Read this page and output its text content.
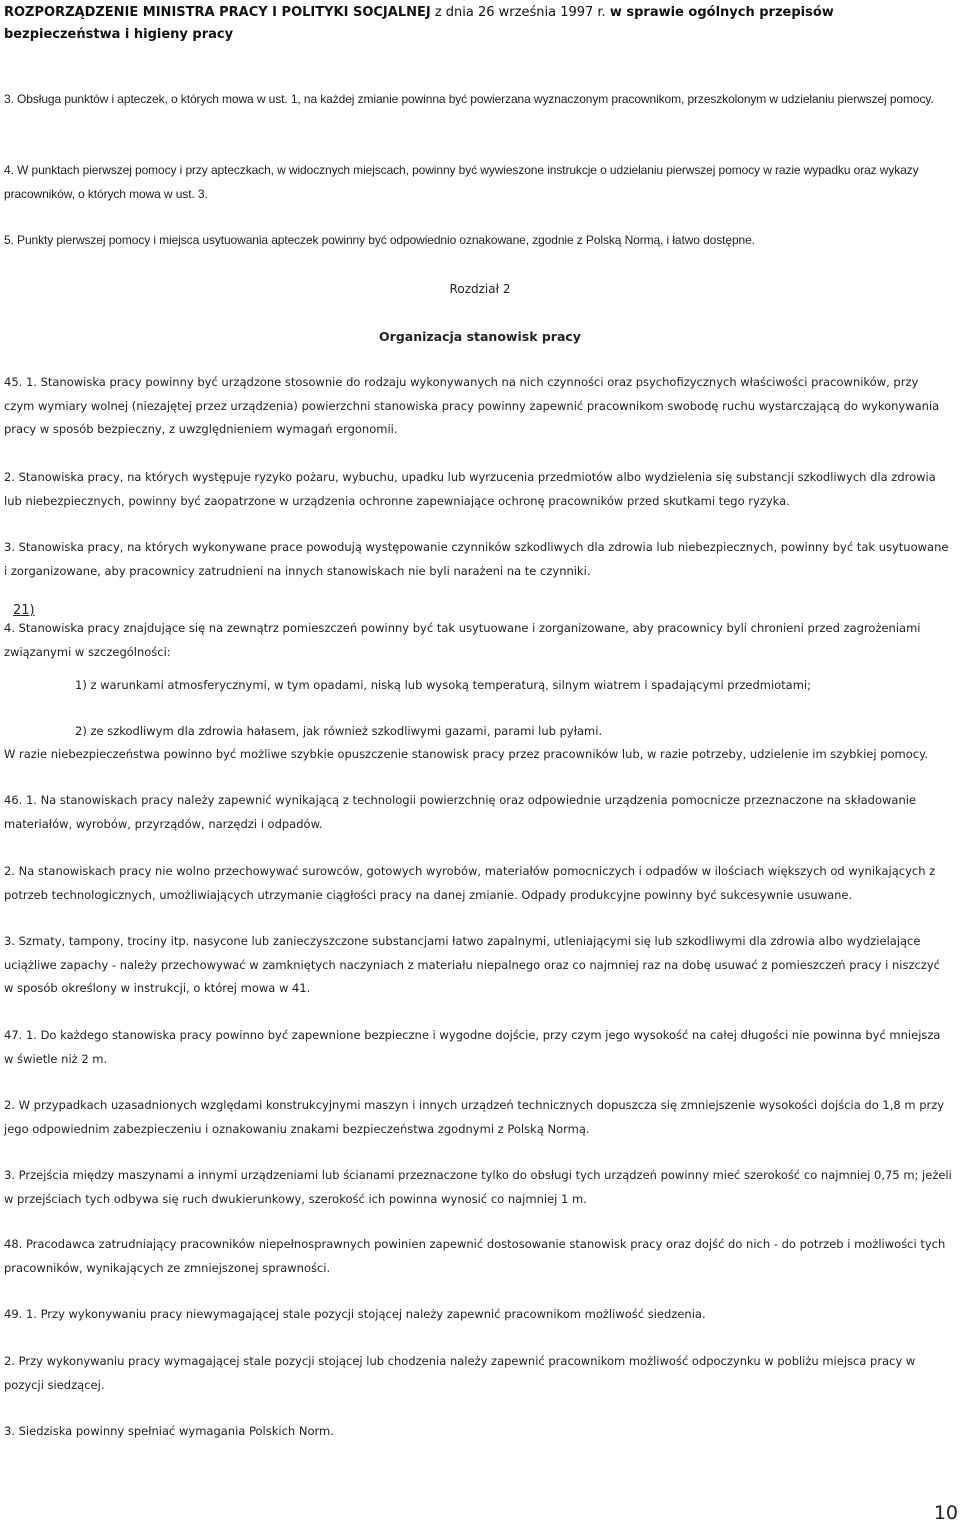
ROZPORZĄDZENIE MINISTRA PRACY I POLITYKI SOCJALNEJ z dnia 26 września 1997 r. w sprawie ogólnych przepisów bezpieczeństwa i higieny pracy

3. Obsługa punktów i apteczek, o których mowa w ust. 1, na każdej zmianie powinna być powierzana wyznaczonym pracownikom, przeszkolonym w udzielaniu pierwszej pomocy.

4. W punktach pierwszej pomocy i przy apteczkach, w widocznych miejscach, powinny być wywieszone instrukcje o udzielaniu pierwszej pomocy w razie wypadku oraz wykazy pracowników, o których mowa w ust. 3.

5. Punkty pierwszej pomocy i miejsca usytuowania apteczek powinny być odpowiednio oznakowane, zgodnie z Polską Normą, i łatwo dostępne.

Rozdział 2
Organizacja stanowisk pracy

45. 1. Stanowiska pracy powinny być urządzone stosownie do rodzaju wykonywanych na nich czynności oraz psychofizycznych właściwości pracowników, przy czym wymiary wolnej (niezajętej przez urządzenia) powierzchni stanowiska pracy powinny zapewnić pracownikom swobodę ruchu wystarczającą do wykonywania pracy w sposób bezpieczny, z uwzględnieniem wymagań ergonomii.

2. Stanowiska pracy, na których występuje ryzyko pożaru, wybuchu, upadku lub wyrzucenia przedmiotów albo wydzielenia się substancji szkodliwych dla zdrowia lub niebezpiecznych, powinny być zaopatrzone w urządzenia ochronne zapewniające ochronę pracowników przed skutkami tego ryzyka.

3. Stanowiska pracy, na których wykonywane prace powodują występowanie czynników szkodliwych dla zdrowia lub niebezpiecznych, powinny być tak usytuowane i zorganizowane, aby pracownicy zatrudnieni na innych stanowiskach nie byli narażeni na te czynniki.

21)

4. Stanowiska pracy znajdujące się na zewnątrz pomieszczeń powinny być tak usytuowane i zorganizowane, aby pracownicy byli chronieni przed zagrożeniami związanymi w szczególności:

1) z warunkami atmosferycznymi, w tym opadami, niską lub wysoką temperaturą, silnym wiatrem i spadającymi przedmiotami;
2) ze szkodliwym dla zdrowia hałasem, jak również szkodliwymi gazami, parami lub pyłami.

W razie niebezpieczeństwa powinno być możliwe szybkie opuszczenie stanowisk pracy przez pracowników lub, w razie potrzeby, udzielenie im szybkiej pomocy.

46. 1. Na stanowiskach pracy należy zapewnić wynikającą z technologii powierzchnię oraz odpowiednie urządzenia pomocnicze przeznaczone na składowanie materiałów, wyrobów, przyrządów, narzędzi i odpadów.

2. Na stanowiskach pracy nie wolno przechowywać surowców, gotowych wyrobów, materiałów pomocniczych i odpadów w ilościach większych od wynikających z potrzeb technologicznych, umożliwiających utrzymanie ciągłości pracy na danej zmianie. Odpady produkcyjne powinny być sukcesywnie usuwane.

3. Szmaty, tampony, trociny itp. nasycone lub zanieczyszczone substancjami łatwo zapalnymi, utleniającymi się lub szkodliwymi dla zdrowia albo wydzielające uciążliwe zapachy - należy przechowywać w zamkniętych naczyniach z materiału niepalnego oraz co najmniej raz na dobę usuwać z pomieszczeń pracy i niszczyć w sposób określony w instrukcji, o której mowa w 41.

47. 1. Do każdego stanowiska pracy powinno być zapewnione bezpieczne i wygodne dojście, przy czym jego wysokość na całej długości nie powinna być mniejsza w świetle niż 2 m.

2. W przypadkach uzasadnionych względami konstrukcyjnymi maszyn i innych urządzeń technicznych dopuszcza się zmniejszenie wysokości dojścia do 1,8 m przy jego odpowiednim zabezpieczeniu i oznakowaniu znakami bezpieczeństwa zgodnymi z Polską Normą.

3. Przejścia między maszynami a innymi urządzeniami lub ścianami przeznaczone tylko do obsługi tych urządzeń powinny mieć szerokość co najmniej 0,75 m; jeżeli w przejściach tych odbywa się ruch dwukierunkowy, szerokość ich powinna wynosić co najmniej 1 m.

48. Pracodawca zatrudniający pracowników niepełnosprawnych powinien zapewnić dostosowanie stanowisk pracy oraz dojść do nich - do potrzeb i możliwości tych pracowników, wynikających ze zmniejszonej sprawności.

49. 1. Przy wykonywaniu pracy niewymagającej stale pozycji stojącej należy zapewnić pracownikom możliwość siedzenia.

2. Przy wykonywaniu pracy wymagającej stale pozycji stojącej lub chodzenia należy zapewnić pracownikom możliwość odpoczynku w pobliżu miejsca pracy w pozycji siedzącej.

3. Siedziska powinny spełniać wymagania Polskich Norm.

10
